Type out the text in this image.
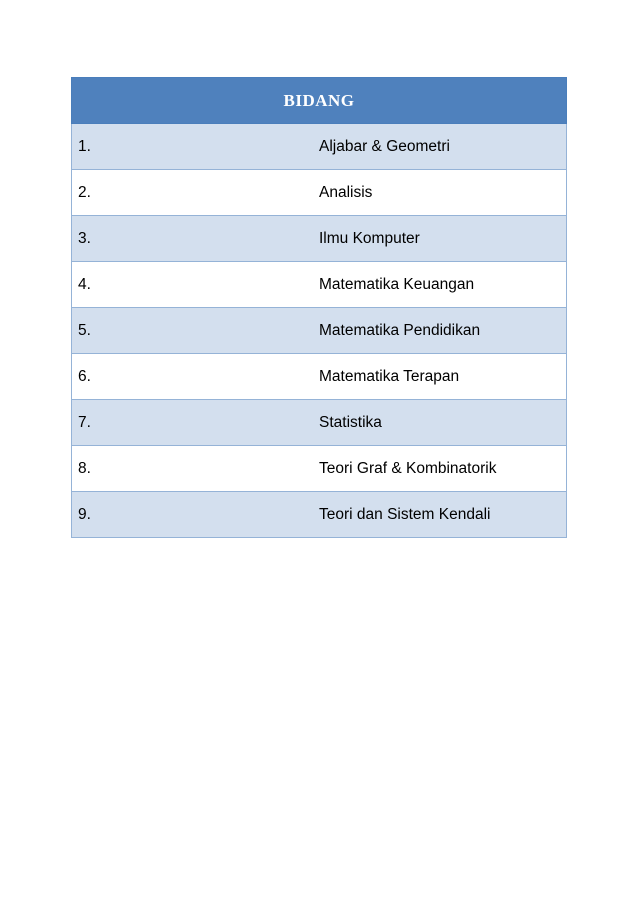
BIDANG	
1.	Aljabar & Geometri
2.	Analisis
3.	Ilmu Komputer
4.	Matematika Keuangan
5.	Matematika Pendidikan
6.	Matematika Terapan
7.	Statistika
8.	Teori Graf & Kombinatorik
9.	Teori dan Sistem Kendali
